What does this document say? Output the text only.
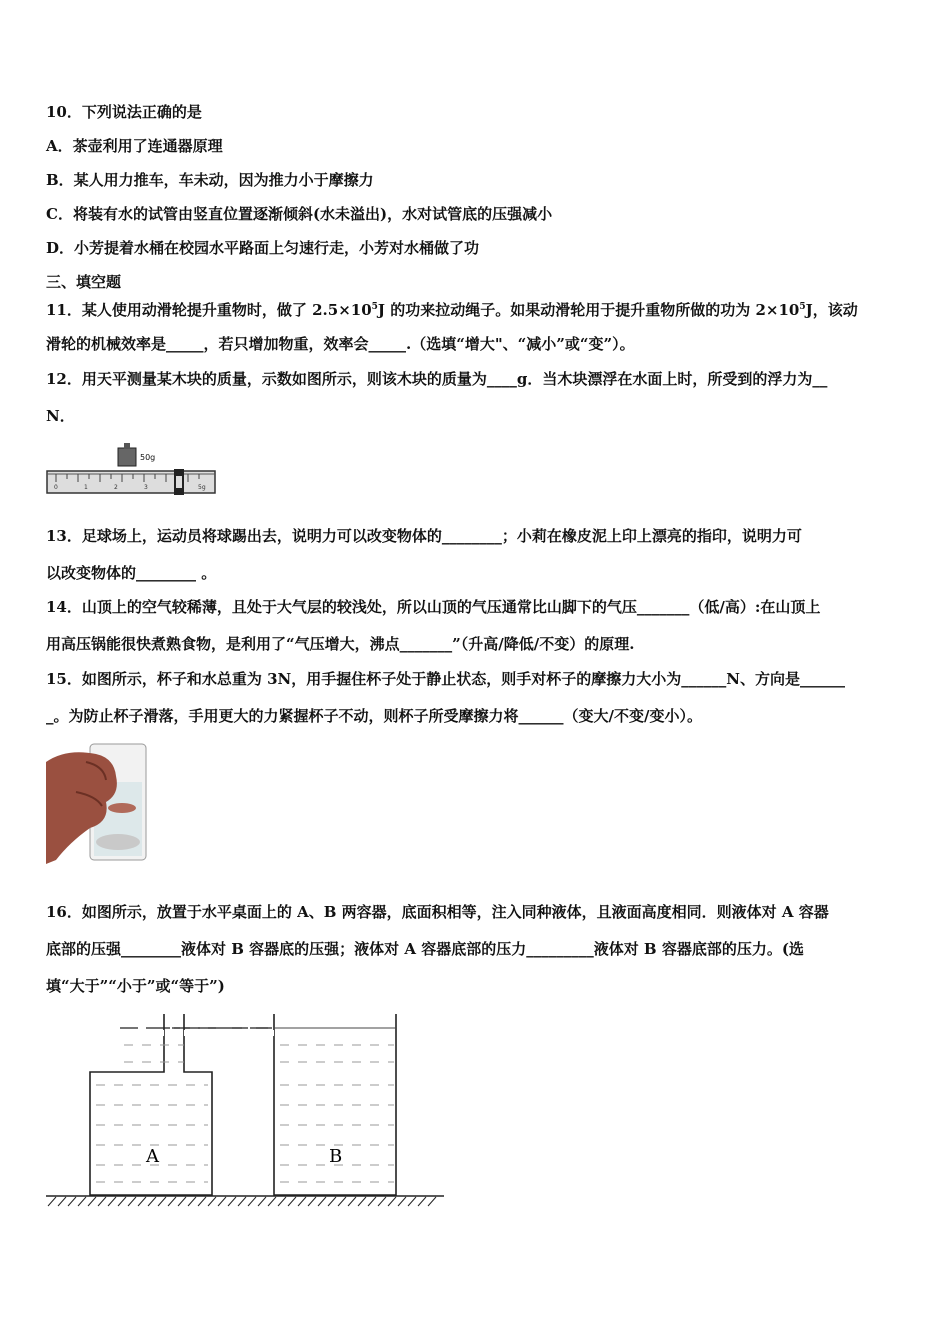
10．下列说法正确的是
A．茶壶利用了连通器原理
B．某人用力推车，车未动，因为推力小于摩擦力
C．将装有水的试管由竖直位置逐渐倾斜(水未溢出)，水对试管底的压强减小
D．小芳提着水桶在校园水平路面上匀速行走，小芳对水桶做了功
三、填空题
11．某人使用动滑轮提升重物时，做了 $2.5\times 10^5J$ 的功来拉动绳子。如果动滑轮用于提升重物所做的功为 $2\times 10^5J$，该动
滑轮的机械效率是_____，若只增加物重，效率会_____.（选填“增大"、“减小”或“变”）。
12．用天平测量某木块的质量，示数如图所示，则该木块的质量为____g．当木块漂浮在水面上时，所受到的浮力为__
N．
0	1	2	3	5g
50g
13．足球场上，运动员将球踢出去，说明力可以改变物体的________；小莉在橡皮泥上印上漂亮的指印，说明力可
以改变物体的________ 。
14．山顶上的空气较稀薄，且处于大气层的较浅处，所以山顶的气压通常比山脚下的气压_______（低/高）:在山顶上
用高压锅能很快煮熟食物，是利用了“气压增大，沸点_______”（升高/降低/不变）的原理.
15．如图所示，杯子和水总重为 3N，用手握住杯子处于静止状态，则手对杯子的摩擦力大小为______N、方向是______
_。为防止杯子滑落，手用更大的力紧握杯子不动，则杯子所受摩擦力将______（变大/不变/变小）。
16．如图所示，放置于水平桌面上的 A、B 两容器，底面积相等，注入同种液体，且液面高度相同．则液体对 A 容器
底部的压强________液体对 B 容器底的压强；液体对 A 容器底部的压力_________液体对 B 容器底部的压力。(选
填“大于”“小于”或“等于”)
A	B
